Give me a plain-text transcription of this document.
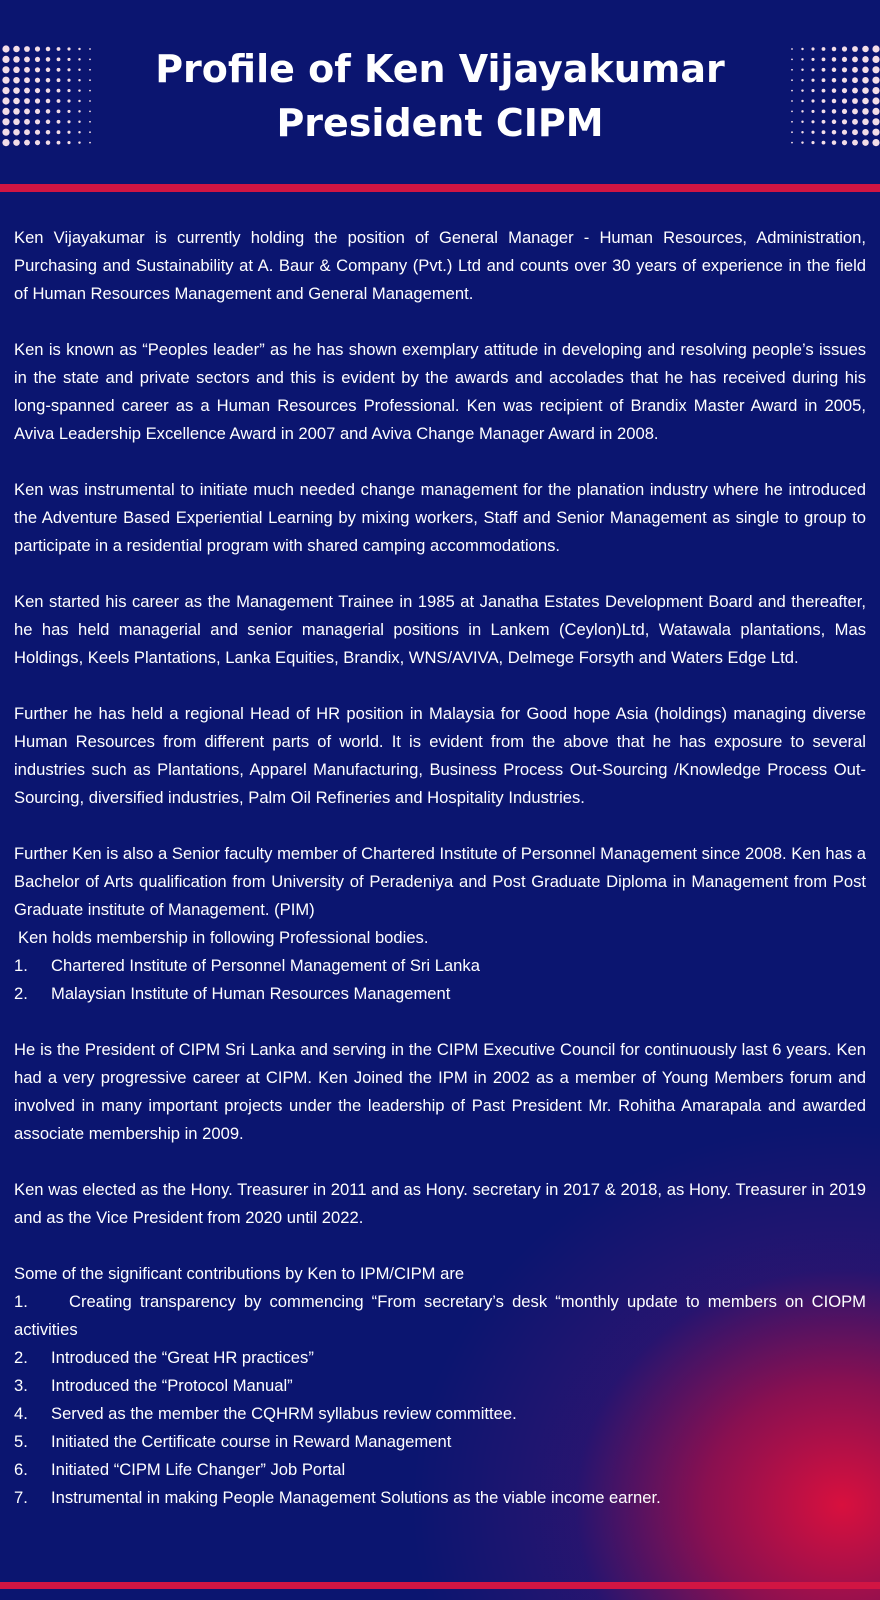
Profile of Ken Vijayakumar
President CIPM

Ken Vijayakumar is currently holding the position of General Manager - Human Resources, Administration, Purchasing and Sustainability at A. Baur & Company (Pvt.) Ltd and counts over 30 years of experience in the field of Human Resources Management and General Management.

Ken is known as “Peoples leader” as he has shown exemplary attitude in developing and resolving people’s issues in the state and private sectors and this is evident by the awards and accolades that he has received during his long-spanned career as a Human Resources Professional. Ken was recipient of Brandix Master Award in 2005, Aviva Leadership Excellence Award in 2007 and Aviva Change Manager Award in 2008.

Ken was instrumental to initiate much needed change management for the planation industry where he introduced the Adventure Based Experiential Learning by mixing workers, Staff and Senior Management as single to group to participate in a residential program with shared camping accommodations.

Ken started his career as the Management Trainee in 1985 at Janatha Estates Development Board and thereafter, he has held managerial and senior managerial positions in Lankem (Ceylon)Ltd, Watawala plantations, Mas Holdings, Keels Plantations, Lanka Equities, Brandix, WNS/AVIVA, Delmege Forsyth and Waters Edge Ltd.

Further he has held a regional Head of HR position in Malaysia for Good hope Asia (holdings) managing diverse Human Resources from different parts of world. It is evident from the above that he has exposure to several industries such as Plantations, Apparel Manufacturing, Business Process Out-Sourcing /Knowledge Process Out-Sourcing, diversified industries, Palm Oil Refineries and Hospitality Industries.

Further Ken is also a Senior faculty member of Chartered Institute of Personnel Management since 2008. Ken has a Bachelor of Arts qualification from University of Peradeniya and Post Graduate Diploma in Management from Post Graduate institute of Management. (PIM)

Ken holds membership in following Professional bodies.

1. Chartered Institute of Personnel Management of Sri Lanka
2. Malaysian Institute of Human Resources Management

He is the President of CIPM Sri Lanka and serving in the CIPM Executive Council for continuously last 6 years. Ken had a very progressive career at CIPM. Ken Joined the IPM in 2002 as a member of Young Members forum and involved in many important projects under the leadership of Past President Mr. Rohitha Amarapala and awarded associate membership in 2009.

Ken was elected as the Hony. Treasurer in 2011 and as Hony. secretary in 2017 & 2018, as Hony. Treasurer in 2019 and as the Vice President from 2020 until 2022.

Some of the significant contributions by Ken to IPM/CIPM are

1. Creating transparency by commencing “From secretary’s desk “monthly update to members on CIOPM activities
2. Introduced the “Great HR practices”
3. Introduced the “Protocol Manual”
4. Served as the member the CQHRM syllabus review committee.
5. Initiated the Certificate course in Reward Management
6. Initiated “CIPM Life Changer” Job Portal
7. Instrumental in making People Management Solutions as the viable income earner.
